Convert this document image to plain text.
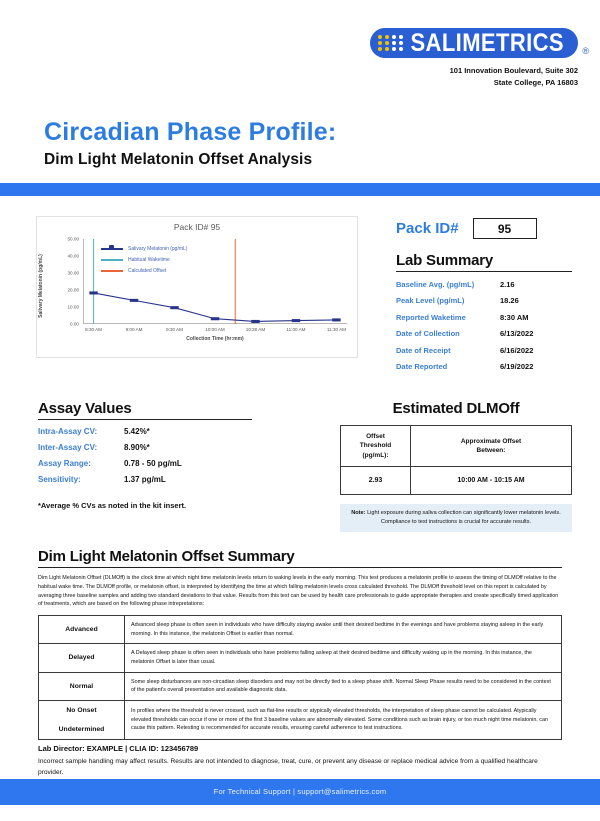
SALIMETRICS ®
101 Innovation Boulevard, Suite 302
State College, PA 16803
Circadian Phase Profile:
Dim Light Melatonin Offset Analysis
Pack ID# 95
Salivary Melatonin (pg/mL)
0.00
10.00
20.00
30.00
40.00
50.00
8:30 AM	9:00 AM	9:30 AM	10:00 AM	10:30 AM	11:00 AM	11:30 AM
Collection Time (hr:mm)
Salivary Melatonin (pg/mL)
Habitual Waketime
Calculated Offset
Pack ID#	95
Lab Summary
Baseline Avg. (pg/mL)	2.16
Peak Level (pg/mL)	18.26
Reported Waketime	8:30 AM
Date of Collection	6/13/2022
Date of Receipt	6/16/2022
Date Reported	6/19/2022
Assay Values
Intra-Assay CV:	5.42%*
Inter-Assay CV:	8.90%*
Assay Range:	0.78 - 50 pg/mL
Sensitivity:	1.37 pg/mL
*Average % CVs as noted in the kit insert.
Estimated DLMOff
Offset
Threshold
(pg/mL):

Approximate Offset
Between:

2.93	10:00 AM - 10:15 AM
Note: Light exposure during saliva collection can significantly lower melatonin levels. Compliance to test instructions is crucial for accurate results.
Dim Light Melatonin Offset Summary

Dim Light Melatonin Offset (DLMOff) is the clock time at which night time melatonin levels return to waking levels in the early morning. This test produces a melatonin profile to assess the timing of DLMOff relative to the habitual wake time. The DLMOff profile, or melatonin offset, is interpreted by identifying the time at which falling melatonin levels cross calculated threshold. The DLMOff threshold level on this report is calculated by averaging three baseline samples and adding two standard deviations to that value. Results from this test can be used by health care professionals to guide appropriate therapies and create specifically timed application of treatments, which are based on the following phase intrepretations:

Advanced	Advanced sleep phase is often seen in individuals who have difficulty staying awake until their desired bedtime in the evenings and have problems staying asleep in the early morning. In this instance, the melatonin Offset is earlier than normal.
Delayed	A Delayed sleep phase is often seen in individuals who have problems falling asleep at their desired bedtime and difficulty waking up in the morning. In this instance, the melatonin Offset is later than usual.
Normal	Some sleep disturbances are non-circadian sleep disorders and may not be directly tied to a sleep phase shift. Normal Sleep Phase results need to be considered in the context of the patient's overall presentation and available diagnostic data.
No Onset	In profiles where the threshold is never crossed, such as flat-line results or atypically elevated thresholds, the interpretation of sleep phase cannot be calculated. Atypically elevated thresholds can occur if one or more of the first 3 baseline values are abnormally elevated. Some conditions such as brain injury, or too much night time melatonin, can cause this pattern. Retesting is recommended for accurate results, ensuring careful adherence to test instructions.
Undetermined	
Lab Director: EXAMPLE | CLIA ID: 123456789
Incorrect sample handling may affect results. Results are not intended to diagnose, treat, cure, or prevent any disease or replace medical advice from a qualified healthcare provider.
For Technical Support | support@salimetrics.com
